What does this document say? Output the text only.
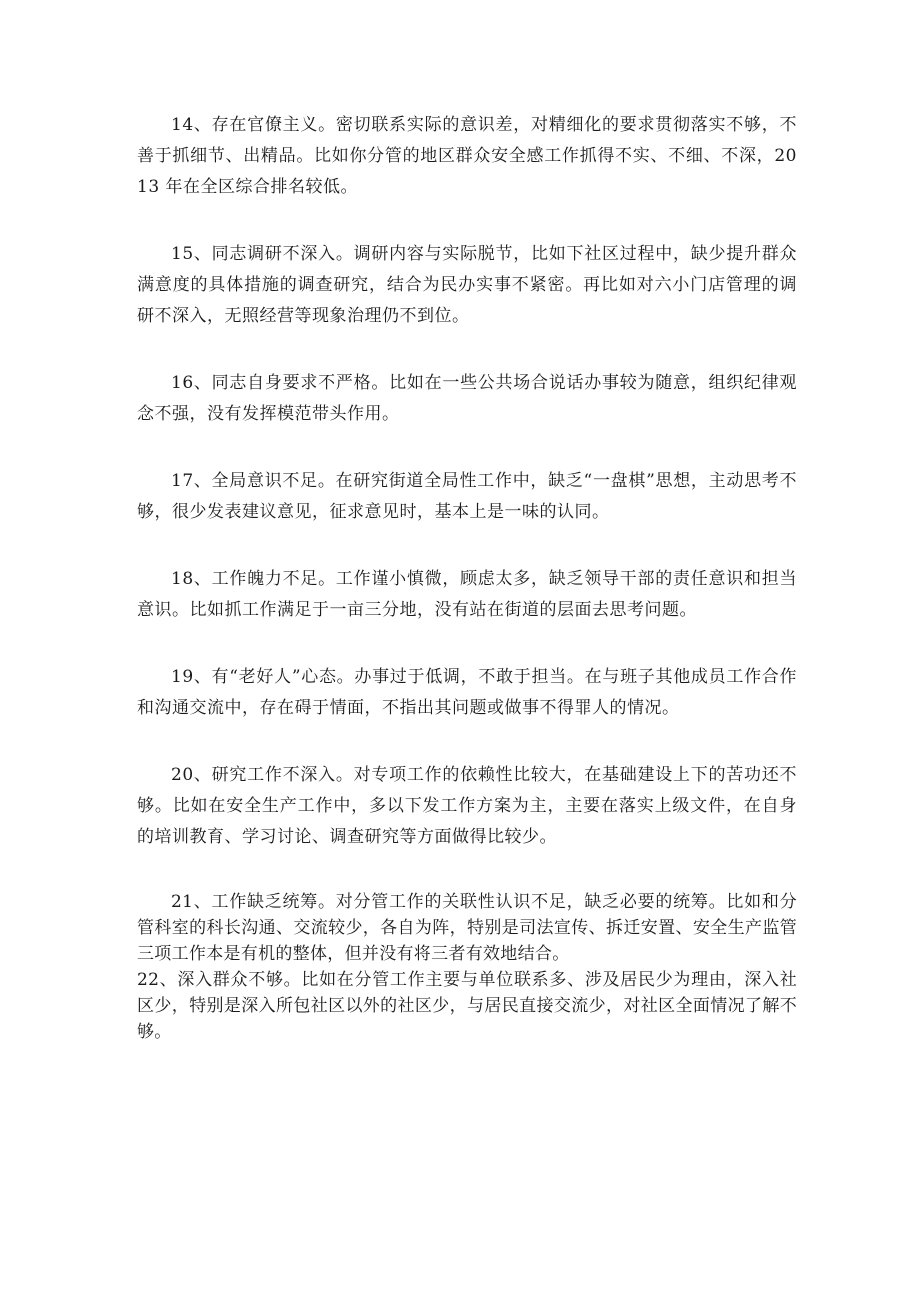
14、存在官僚主义。密切联系实际的意识差，对精细化的要求贯彻落实不够，不善于抓细节、出精品。比如你分管的地区群众安全感工作抓得不实、不细、不深，2013 年在全区综合排名较低。

15、同志调研不深入。调研内容与实际脱节，比如下社区过程中，缺少提升群众满意度的具体措施的调查研究，结合为民办实事不紧密。再比如对六小门店管理的调研不深入，无照经营等现象治理仍不到位。

16、同志自身要求不严格。比如在一些公共场合说话办事较为随意，组织纪律观念不强，没有发挥模范带头作用。

17、全局意识不足。在研究街道全局性工作中，缺乏“一盘棋”思想，主动思考不够，很少发表建议意见，征求意见时，基本上是一味的认同。

18、工作魄力不足。工作谨小慎微，顾虑太多，缺乏领导干部的责任意识和担当意识。比如抓工作满足于一亩三分地，没有站在街道的层面去思考问题。

19、有“老好人”心态。办事过于低调，不敢于担当。在与班子其他成员工作合作和沟通交流中，存在碍于情面，不指出其问题或做事不得罪人的情况。

20、研究工作不深入。对专项工作的依赖性比较大，在基础建设上下的苦功还不够。比如在安全生产工作中，多以下发工作方案为主，主要在落实上级文件，在自身的培训教育、学习讨论、调查研究等方面做得比较少。

21、工作缺乏统筹。对分管工作的关联性认识不足，缺乏必要的统筹。比如和分管科室的科长沟通、交流较少，各自为阵，特别是司法宣传、拆迁安置、安全生产监管三项工作本是有机的整体，但并没有将三者有效地结合。

22、深入群众不够。比如在分管工作主要与单位联系多、涉及居民少为理由，深入社区少，特别是深入所包社区以外的社区少，与居民直接交流少，对社区全面情况了解不够。
